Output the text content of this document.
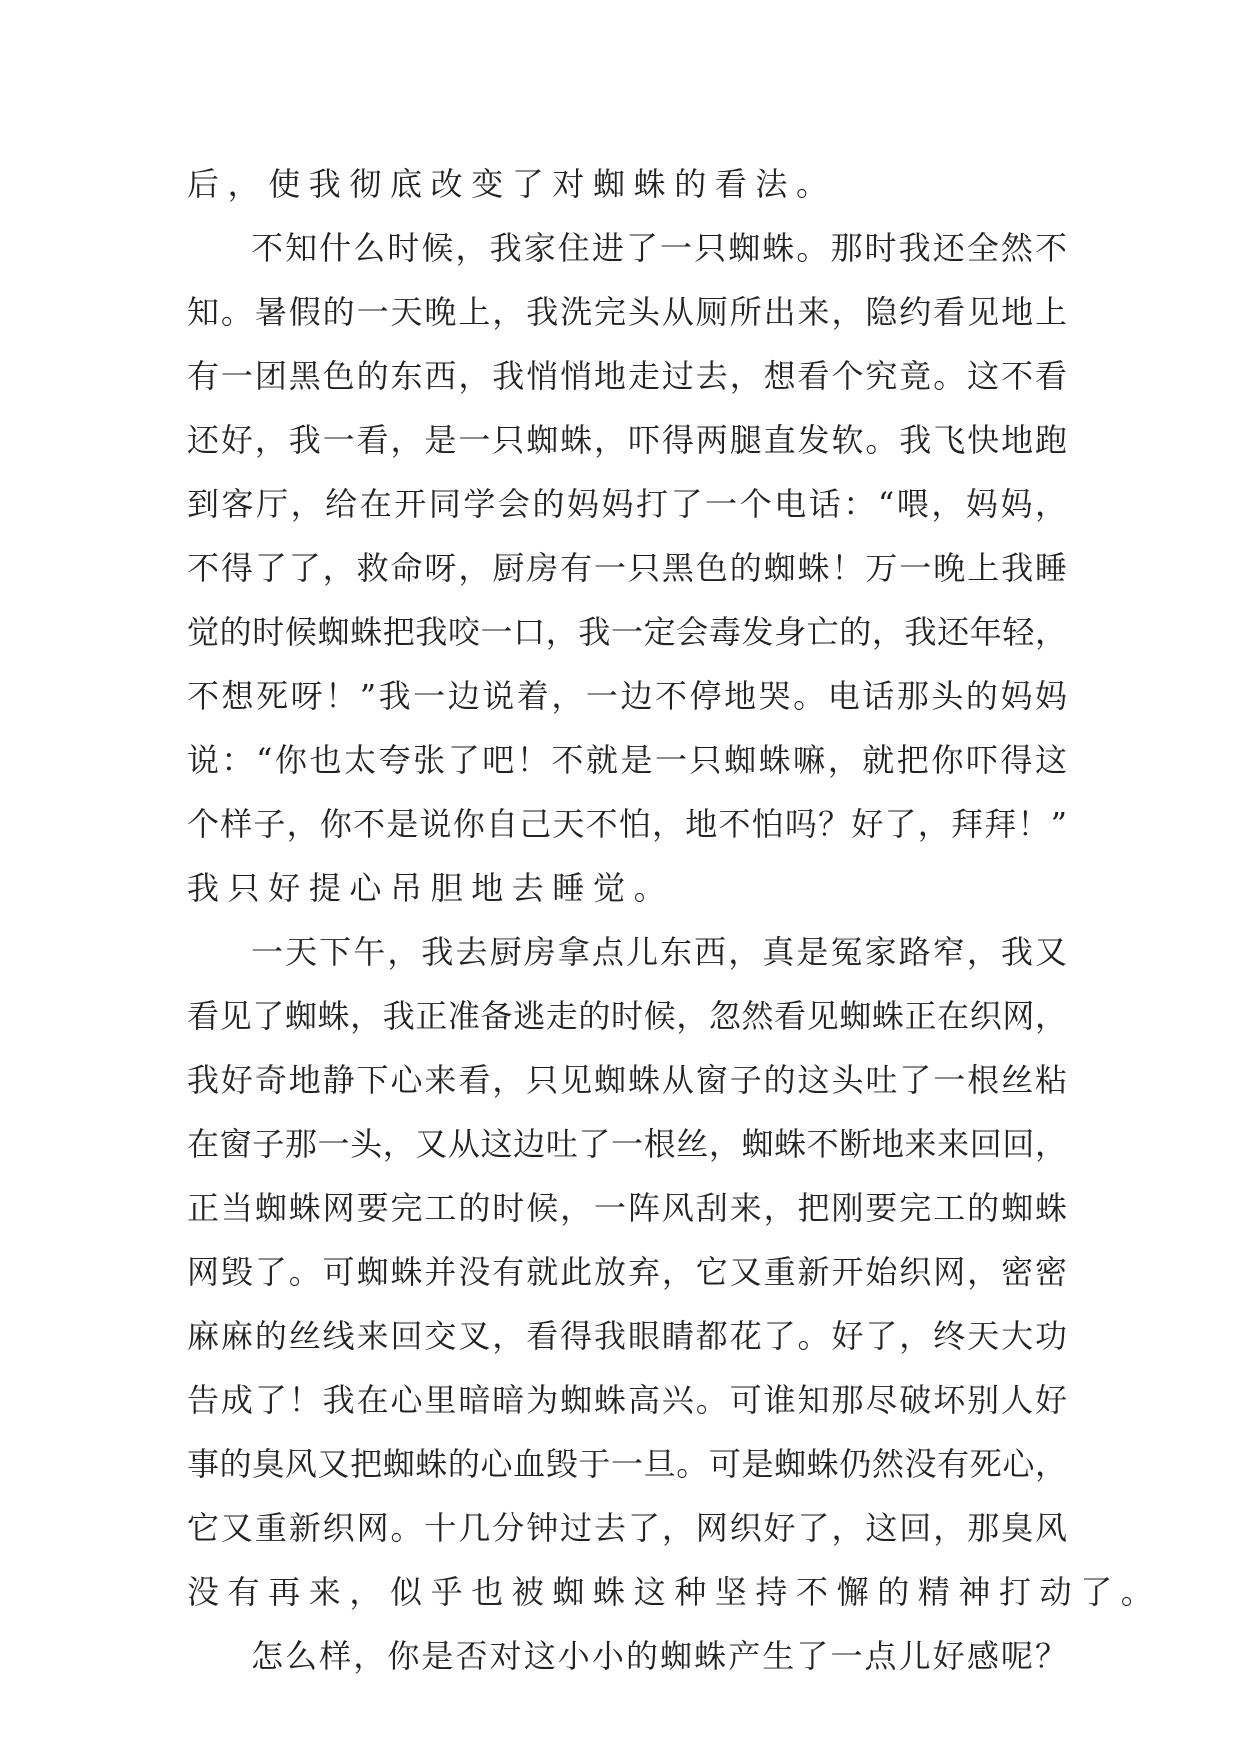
后，使我彻底改变了对蜘蛛的看法。
不知什么时候，我家住进了一只蜘蛛。那时我还全然不
知。暑假的一天晚上，我洗完头从厕所出来，隐约看见地上
有一团黑色的东西，我悄悄地走过去，想看个究竟。这不看
还好，我一看，是一只蜘蛛，吓得两腿直发软。我飞快地跑
到客厅，给在开同学会的妈妈打了一个电话：“喂，妈妈，
不得了了，救命呀，厨房有一只黑色的蜘蛛！万一晚上我睡
觉的时候蜘蛛把我咬一口，我一定会毒发身亡的，我还年轻，
不想死呀！”我一边说着，一边不停地哭。电话那头的妈妈
说：“你也太夸张了吧！不就是一只蜘蛛嘛，就把你吓得这
个样子，你不是说你自己天不怕，地不怕吗？好了，拜拜！”
我只好提心吊胆地去睡觉。
一天下午，我去厨房拿点儿东西，真是冤家路窄，我又
看见了蜘蛛，我正准备逃走的时候，忽然看见蜘蛛正在织网，
我好奇地静下心来看，只见蜘蛛从窗子的这头吐了一根丝粘
在窗子那一头，又从这边吐了一根丝，蜘蛛不断地来来回回，
正当蜘蛛网要完工的时候，一阵风刮来，把刚要完工的蜘蛛
网毁了。可蜘蛛并没有就此放弃，它又重新开始织网，密密
麻麻的丝线来回交叉，看得我眼睛都花了。好了，终天大功
告成了！我在心里暗暗为蜘蛛高兴。可谁知那尽破坏别人好
事的臭风又把蜘蛛的心血毁于一旦。可是蜘蛛仍然没有死心，
它又重新织网。十几分钟过去了，网织好了，这回，那臭风
没有再来，似乎也被蜘蛛这种坚持不懈的精神打动了。
怎么样，你是否对这小小的蜘蛛产生了一点儿好感呢？
